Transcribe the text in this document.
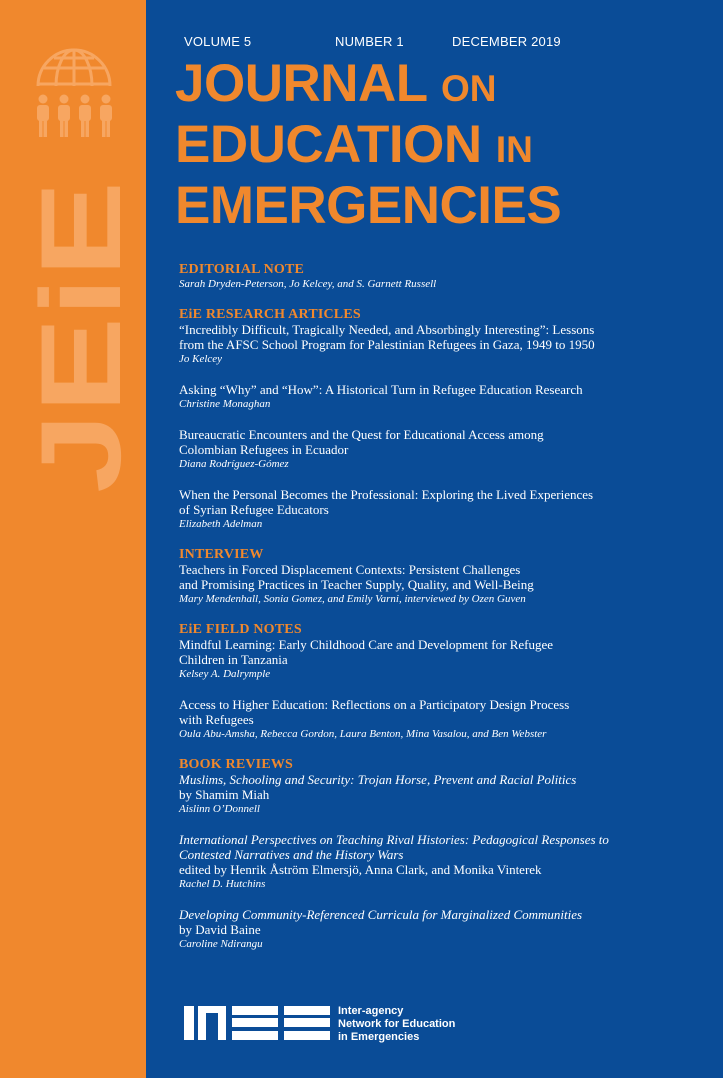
JEiE
VOLUME 5	NUMBER 1	DECEMBER 2019
JOURNAL ON
EDUCATION IN
EMERGENCIES
EDITORIAL NOTE
Sarah Dryden-Peterson, Jo Kelcey, and S. Garnett Russell
EiE RESEARCH ARTICLES
“Incredibly Difficult, Tragically Needed, and Absorbingly Interesting”: Lessons
from the AFSC School Program for Palestinian Refugees in Gaza, 1949 to 1950
Jo Kelcey
Asking “Why” and “How”: A Historical Turn in Refugee Education Research
Christine Monaghan
Bureaucratic Encounters and the Quest for Educational Access among
Colombian Refugees in Ecuador
Diana Rodríguez-Gómez
When the Personal Becomes the Professional: Exploring the Lived Experiences
of Syrian Refugee Educators
Elizabeth Adelman
INTERVIEW
Teachers in Forced Displacement Contexts: Persistent Challenges
and Promising Practices in Teacher Supply, Quality, and Well-Being
Mary Mendenhall, Sonia Gomez, and Emily Varni, interviewed by Ozen Guven
EiE FIELD NOTES
Mindful Learning: Early Childhood Care and Development for Refugee
Children in Tanzania
Kelsey A. Dalrymple
Access to Higher Education: Reflections on a Participatory Design Process
with Refugees
Oula Abu-Amsha, Rebecca Gordon, Laura Benton, Mina Vasalou, and Ben Webster
BOOK REVIEWS
Muslims, Schooling and Security: Trojan Horse, Prevent and Racial Politics
by Shamim Miah
Aislinn O’Donnell
International Perspectives on Teaching Rival Histories: Pedagogical Responses to
Contested Narratives and the History Wars
edited by Henrik Åström Elmersjö, Anna Clark, and Monika Vinterek
Rachel D. Hutchins
Developing Community-Referenced Curricula for Marginalized Communities
by David Baine
Caroline Ndirangu
Inter-agency
Network for Education
in Emergencies
